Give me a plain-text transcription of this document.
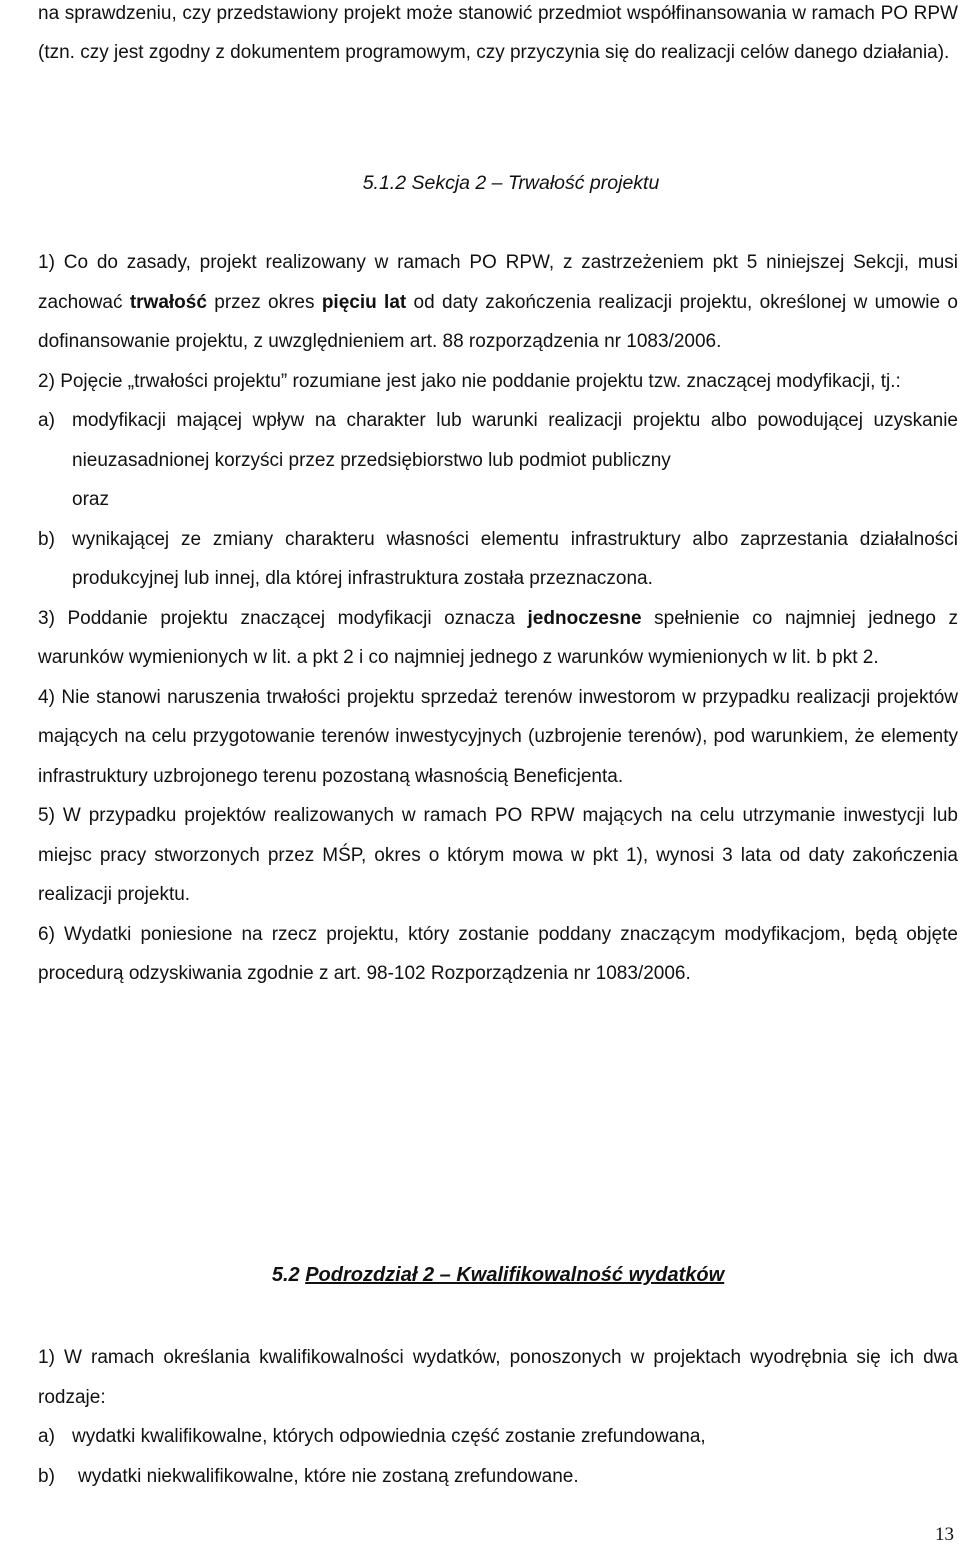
na sprawdzeniu, czy przedstawiony projekt może stanowić przedmiot współfinansowania w ramach PO RPW (tzn. czy jest zgodny z dokumentem programowym, czy przyczynia się do realizacji celów danego działania).

5.1.2 Sekcja 2 – Trwałość projektu

1) Co do zasady, projekt realizowany w ramach PO RPW, z zastrzeżeniem pkt 5 niniejszej Sekcji, musi zachować trwałość przez okres pięciu lat od daty zakończenia realizacji projektu, określonej w umowie o dofinansowanie projektu, z uwzględnieniem art. 88 rozporządzenia nr 1083/2006.

2) Pojęcie „trwałości projektu” rozumiane jest jako nie poddanie projektu tzw. znaczącej modyfikacji, tj.:

a) modyfikacji mającej wpływ na charakter lub warunki realizacji projektu albo powodującej uzyskanie nieuzasadnionej korzyści przez przedsiębiorstwo lub podmiot publiczny

oraz

b) wynikającej ze zmiany charakteru własności elementu infrastruktury albo zaprzestania działalności produkcyjnej lub innej, dla której infrastruktura została przeznaczona.

3) Poddanie projektu znaczącej modyfikacji oznacza jednoczesne spełnienie co najmniej jednego z warunków wymienionych w lit. a pkt 2 i co najmniej jednego z warunków wymienionych w lit. b pkt 2.

4) Nie stanowi naruszenia trwałości projektu sprzedaż terenów inwestorom w przypadku realizacji projektów mających na celu przygotowanie terenów inwestycyjnych (uzbrojenie terenów), pod warunkiem, że elementy infrastruktury uzbrojonego terenu pozostaną własnością Beneficjenta.

5) W przypadku projektów realizowanych w ramach PO RPW mających na celu utrzymanie inwestycji lub miejsc pracy stworzonych przez MŚP, okres o którym mowa w pkt 1), wynosi 3 lata od daty zakończenia realizacji projektu.

6) Wydatki poniesione na rzecz projektu, który zostanie poddany znaczącym modyfikacjom, będą objęte procedurą odzyskiwania zgodnie z art. 98-102 Rozporządzenia nr 1083/2006.

5.2 Podrozdział 2 – Kwalifikowalność wydatków

1) W ramach określania kwalifikowalności wydatków, ponoszonych w projektach wyodrębnia się ich dwa rodzaje:

a) wydatki kwalifikowalne, których odpowiednia część zostanie zrefundowana,

b) wydatki niekwalifikowalne, które nie zostaną zrefundowane.

13
